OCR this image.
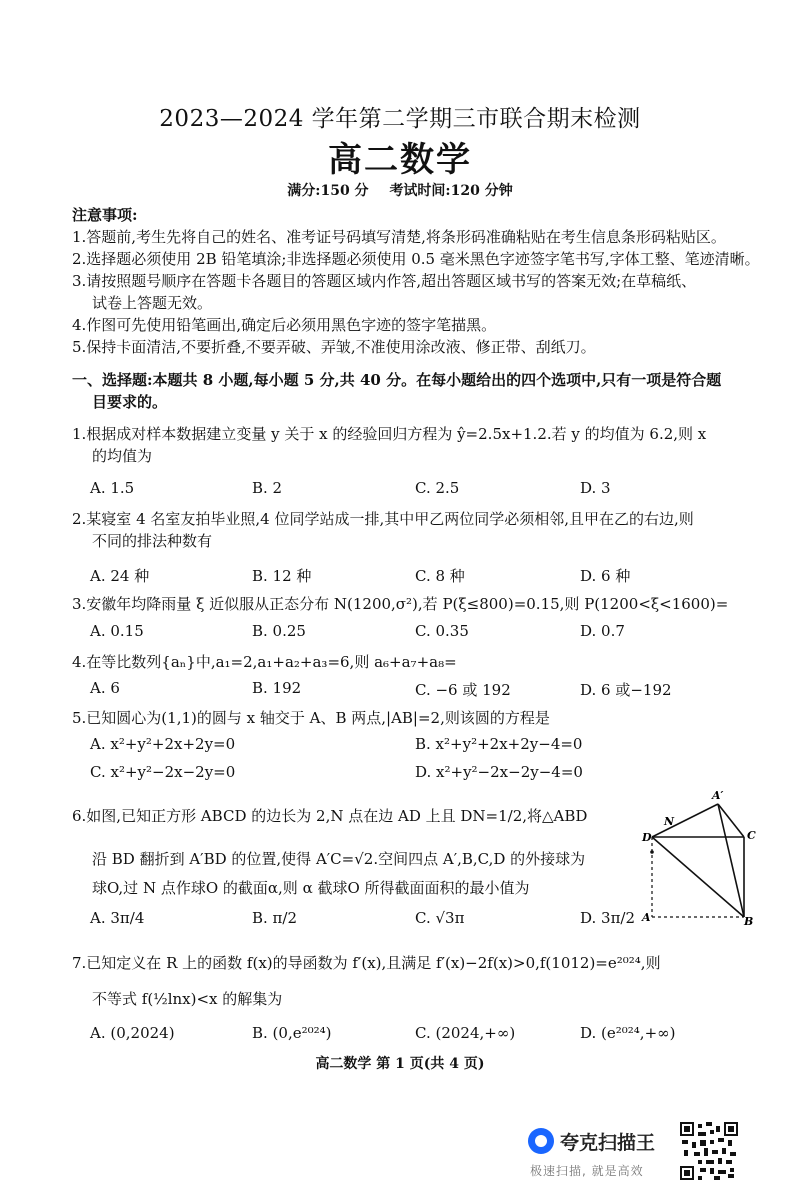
2023—2024 学年第二学期三市联合期末检测
高二数学
满分:150 分 考试时间:120 分钟
注意事项:
1.答题前,考生先将自己的姓名、准考证号码填写清楚,将条形码准确粘贴在考生信息条形码粘贴区。
2.选择题必须使用 2B 铅笔填涂;非选择题必须使用 0.5 毫米黑色字迹签字笔书写,字体工整、笔迹清晰。
3.请按照题号顺序在答题卡各题目的答题区域内作答,超出答题区域书写的答案无效;在草稿纸、
试卷上答题无效。
4.作图可先使用铅笔画出,确定后必须用黑色字迹的签字笔描黑。
5.保持卡面清洁,不要折叠,不要弄破、弄皱,不准使用涂改液、修正带、刮纸刀。
一、选择题:本题共 8 小题,每小题 5 分,共 40 分。在每小题给出的四个选项中,只有一项是符合题
目要求的。
1.根据成对样本数据建立变量 y 关于 x 的经验回归方程为 ŷ=2.5x+1.2.若 y 的均值为 6.2,则 x
的均值为
A. 1.5	B. 2	C. 2.5	D. 3
2.某寝室 4 名室友拍毕业照,4 位同学站成一排,其中甲乙两位同学必须相邻,且甲在乙的右边,则
不同的排法种数有
A. 24 种	B. 12 种	C. 8 种	D. 6 种
3.安徽年均降雨量 ξ 近似服从正态分布 N(1200,σ²),若 P(ξ≤800)=0.15,则 P(1200<ξ<1600)=
A. 0.15	B. 0.25	C. 0.35	D. 0.7
4.在等比数列{aₙ}中,a₁=2,a₁+a₂+a₃=6,则 a₆+a₇+a₈=
A. 6	B. 192	C. −6 或 192	D. 6 或−192
5.已知圆心为(1,1)的圆与 x 轴交于 A、B 两点,|AB|=2,则该圆的方程是
A. x²+y²+2x+2y=0	B. x²+y²+2x+2y−4=0
C. x²+y²−2x−2y=0	D. x²+y²−2x−2y−4=0
6.如图,已知正方形 ABCD 的边长为 2,N 点在边 AD 上且 DN=1/2,将△ABD
沿 BD 翻折到 A′BD 的位置,使得 A′C=√2.空间四点 A′,B,C,D 的外接球为
球O,过 N 点作球O 的截面α,则 α 截球O 所得截面面积的最小值为
A. 3π/4	B. π/2	C. √3π	D. 3π/2
N
A′
D	C
A	B
7.已知定义在 R 上的函数 f(x)的导函数为 f′(x),且满足 f′(x)−2f(x)>0,f(1012)=e²⁰²⁴,则
不等式 f(½lnx)<x 的解集为
A. (0,2024)	B. (0,e²⁰²⁴)	C. (2024,+∞)	D. (e²⁰²⁴,+∞)
高二数学 第 1 页(共 4 页)
夸克扫描王
极速扫描, 就是高效
